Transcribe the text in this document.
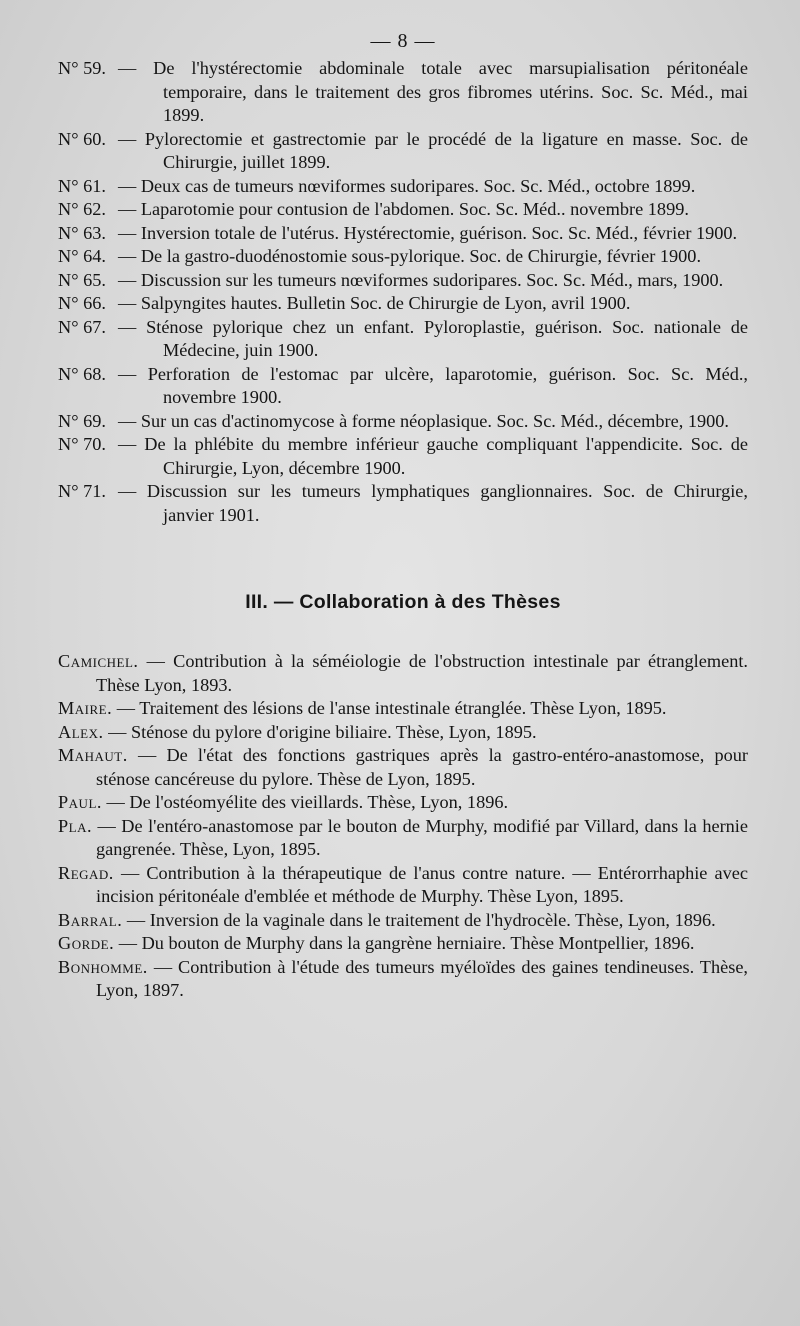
— 8 —
N° 59. — De l'hystérectomie abdominale totale avec marsupialisation péritonéale temporaire, dans le traitement des gros fibromes utérins. Soc. Sc. Méd., mai 1899.
N° 60. — Pylorectomie et gastrectomie par le procédé de la ligature en masse. Soc. de Chirurgie, juillet 1899.
N° 61. — Deux cas de tumeurs nœviformes sudoripares. Soc. Sc. Méd., octobre 1899.
N° 62. — Laparotomie pour contusion de l'abdomen. Soc. Sc. Méd.. novembre 1899.
N° 63. — Inversion totale de l'utérus. Hystérectomie, guérison. Soc. Sc. Méd., février 1900.
N° 64. — De la gastro-duodénostomie sous-pylorique. Soc. de Chirurgie, février 1900.
N° 65. — Discussion sur les tumeurs nœviformes sudoripares. Soc. Sc. Méd., mars, 1900.
N° 66. — Salpyngites hautes. Bulletin Soc. de Chirurgie de Lyon, avril 1900.
N° 67. — Sténose pylorique chez un enfant. Pyloroplastie, guérison. Soc. nationale de Médecine, juin 1900.
N° 68. — Perforation de l'estomac par ulcère, laparotomie, guérison. Soc. Sc. Méd., novembre 1900.
N° 69. — Sur un cas d'actinomycose à forme néoplasique. Soc. Sc. Méd., décembre, 1900.
N° 70. — De la phlébite du membre inférieur gauche compliquant l'appendicite. Soc. de Chirurgie, Lyon, décembre 1900.
N° 71. — Discussion sur les tumeurs lymphatiques ganglionnaires. Soc. de Chirurgie, janvier 1901.
III. — Collaboration à des Thèses
Camichel. — Contribution à la séméiologie de l'obstruction intestinale par étranglement. Thèse Lyon, 1893.
Maire. — Traitement des lésions de l'anse intestinale étranglée. Thèse Lyon, 1895.
Alex. — Sténose du pylore d'origine biliaire. Thèse, Lyon, 1895.
Mahaut. — De l'état des fonctions gastriques après la gastro-entéro-anastomose, pour sténose cancéreuse du pylore. Thèse de Lyon, 1895.
Paul. — De l'ostéomyélite des vieillards. Thèse, Lyon, 1896.
Pla. — De l'entéro-anastomose par le bouton de Murphy, modifié par Villard, dans la hernie gangrenée. Thèse, Lyon, 1895.
Regad. — Contribution à la thérapeutique de l'anus contre nature. — Entérorrhaphie avec incision péritonéale d'emblée et méthode de Murphy. Thèse Lyon, 1895.
Barral. — Inversion de la vaginale dans le traitement de l'hydrocèle. Thèse, Lyon, 1896.
Gorde. — Du bouton de Murphy dans la gangrène herniaire. Thèse Montpellier, 1896.
Bonhomme. — Contribution à l'étude des tumeurs myéloïdes des gaines tendineuses. Thèse, Lyon, 1897.
